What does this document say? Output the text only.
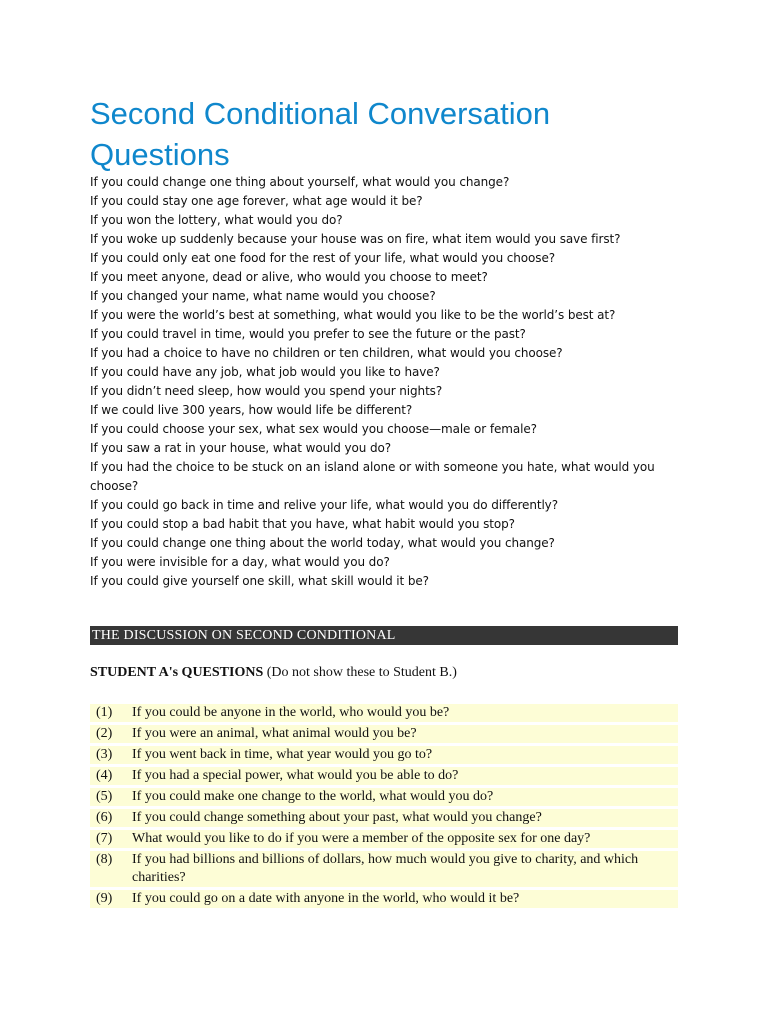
Second Conditional Conversation Questions
If you could change one thing about yourself, what would you change?
If you could stay one age forever, what age would it be?
If you won the lottery, what would you do?
If you woke up suddenly because your house was on fire, what item would you save first?
If you could only eat one food for the rest of your life, what would you choose?
If you meet anyone, dead or alive, who would you choose to meet?
If you changed your name, what name would you choose?
If you were the world’s best at something, what would you like to be the world’s best at?
If you could travel in time, would you prefer to see the future or the past?
If you had a choice to have no children or ten children, what would you choose?
If you could have any job, what job would you like to have?
If you didn’t need sleep, how would you spend your nights?
If we could live 300 years, how would life be different?
If you could choose your sex, what sex would you choose—male or female?
If you saw a rat in your house, what would you do?
If you had the choice to be stuck on an island alone or with someone you hate, what would you choose?
If you could go back in time and relive your life, what would you do differently?
If you could stop a bad habit that you have, what habit would you stop?
If you could change one thing about the world today, what would you change?
If you were invisible for a day, what would you do?
If you could give yourself one skill, what skill would it be?
THE DISCUSSION ON SECOND CONDITIONAL
STUDENT A's QUESTIONS (Do not show these to Student B.)
(1)	If you could be anyone in the world, who would you be?
(2)	If you were an animal, what animal would you be?
(3)	If you went back in time, what year would you go to?
(4)	If you had a special power, what would you be able to do?
(5)	If you could make one change to the world, what would you do?
(6)	If you could change something about your past, what would you change?
(7)	What would you like to do if you were a member of the opposite sex for one day?
(8)	If you had billions and billions of dollars, how much would you give to charity, and which charities?
(9)	If you could go on a date with anyone in the world, who would it be?
